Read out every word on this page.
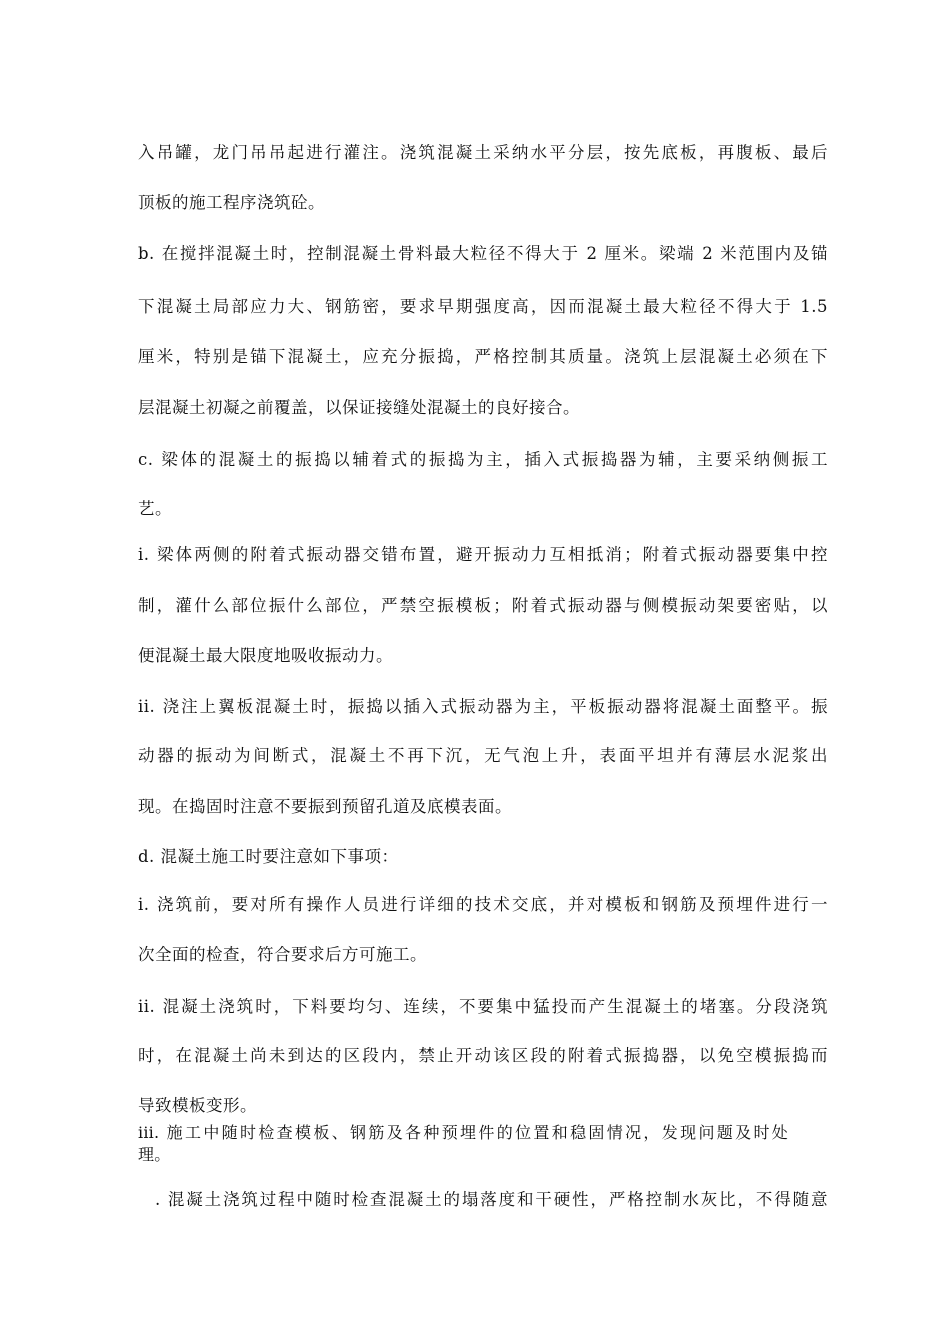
入吊罐，龙门吊吊起进行灌注。浇筑混凝土采纳水平分层，按先底板，再腹板、最后
顶板的施工程序浇筑砼。
b. 在搅拌混凝土时，控制混凝土骨料最大粒径不得大于 2 厘米。梁端 2 米范围内及锚
下混凝土局部应力大、钢筋密，要求早期强度高，因而混凝土最大粒径不得大于 1.5
厘米，特别是锚下混凝土，应充分振捣，严格控制其质量。浇筑上层混凝土必须在下
层混凝土初凝之前覆盖，以保证接缝处混凝土的良好接合。
c. 梁体的混凝土的振捣以辅着式的振捣为主，插入式振捣器为辅，主要采纳侧振工
艺。
i. 梁体两侧的附着式振动器交错布置，避开振动力互相抵消；附着式振动器要集中控
制，灌什么部位振什么部位，严禁空振模板；附着式振动器与侧模振动架要密贴，以
便混凝土最大限度地吸收振动力。
ii. 浇注上翼板混凝土时，振捣以插入式振动器为主，平板振动器将混凝土面整平。振
动器的振动为间断式，混凝土不再下沉，无气泡上升，表面平坦并有薄层水泥浆出
现。在捣固时注意不要振到预留孔道及底模表面。
d. 混凝土施工时要注意如下事项：
i. 浇筑前，要对所有操作人员进行详细的技术交底，并对模板和钢筋及预埋件进行一
次全面的检查，符合要求后方可施工。
ii. 混凝土浇筑时，下料要均匀、连续，不要集中猛投而产生混凝土的堵塞。分段浇筑
时，在混凝土尚未到达的区段内，禁止开动该区段的附着式振捣器，以免空模振捣而
导致模板变形。
iii. 施工中随时检查模板、钢筋及各种预埋件的位置和稳固情况，发现问题及时处
理。
. 混凝土浇筑过程中随时检查混凝土的塌落度和干硬性，严格控制水灰比，不得随意
